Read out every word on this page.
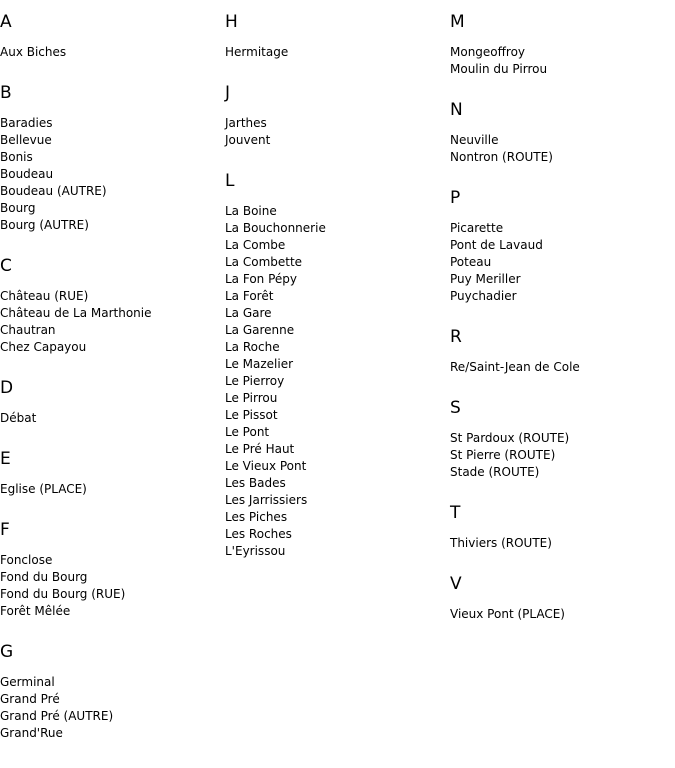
A
Aux Biches
B
Baradies
Bellevue
Bonis
Boudeau
Boudeau (AUTRE)
Bourg
Bourg (AUTRE)
C
Château (RUE)
Château de La Marthonie
Chautran
Chez Capayou
D
Débat
E
Eglise (PLACE)
F
Fonclose
Fond du Bourg
Fond du Bourg (RUE)
Forêt Mêlée
G
Germinal
Grand Pré
Grand Pré (AUTRE)
Grand'Rue
H
Hermitage
J
Jarthes
Jouvent
L
La Boine
La Bouchonnerie
La Combe
La Combette
La Fon Pépy
La Forêt
La Gare
La Garenne
La Roche
Le Mazelier
Le Pierroy
Le Pirrou
Le Pissot
Le Pont
Le Pré Haut
Le Vieux Pont
Les Bades
Les Jarrissiers
Les Piches
Les Roches
L'Eyrissou
M
Mongeoffroy
Moulin du Pirrou
N
Neuville
Nontron (ROUTE)
P
Picarette
Pont de Lavaud
Poteau
Puy Meriller
Puychadier
R
Re/Saint-Jean de Cole
S
St Pardoux (ROUTE)
St Pierre (ROUTE)
Stade (ROUTE)
T
Thiviers (ROUTE)
V
Vieux Pont (PLACE)
